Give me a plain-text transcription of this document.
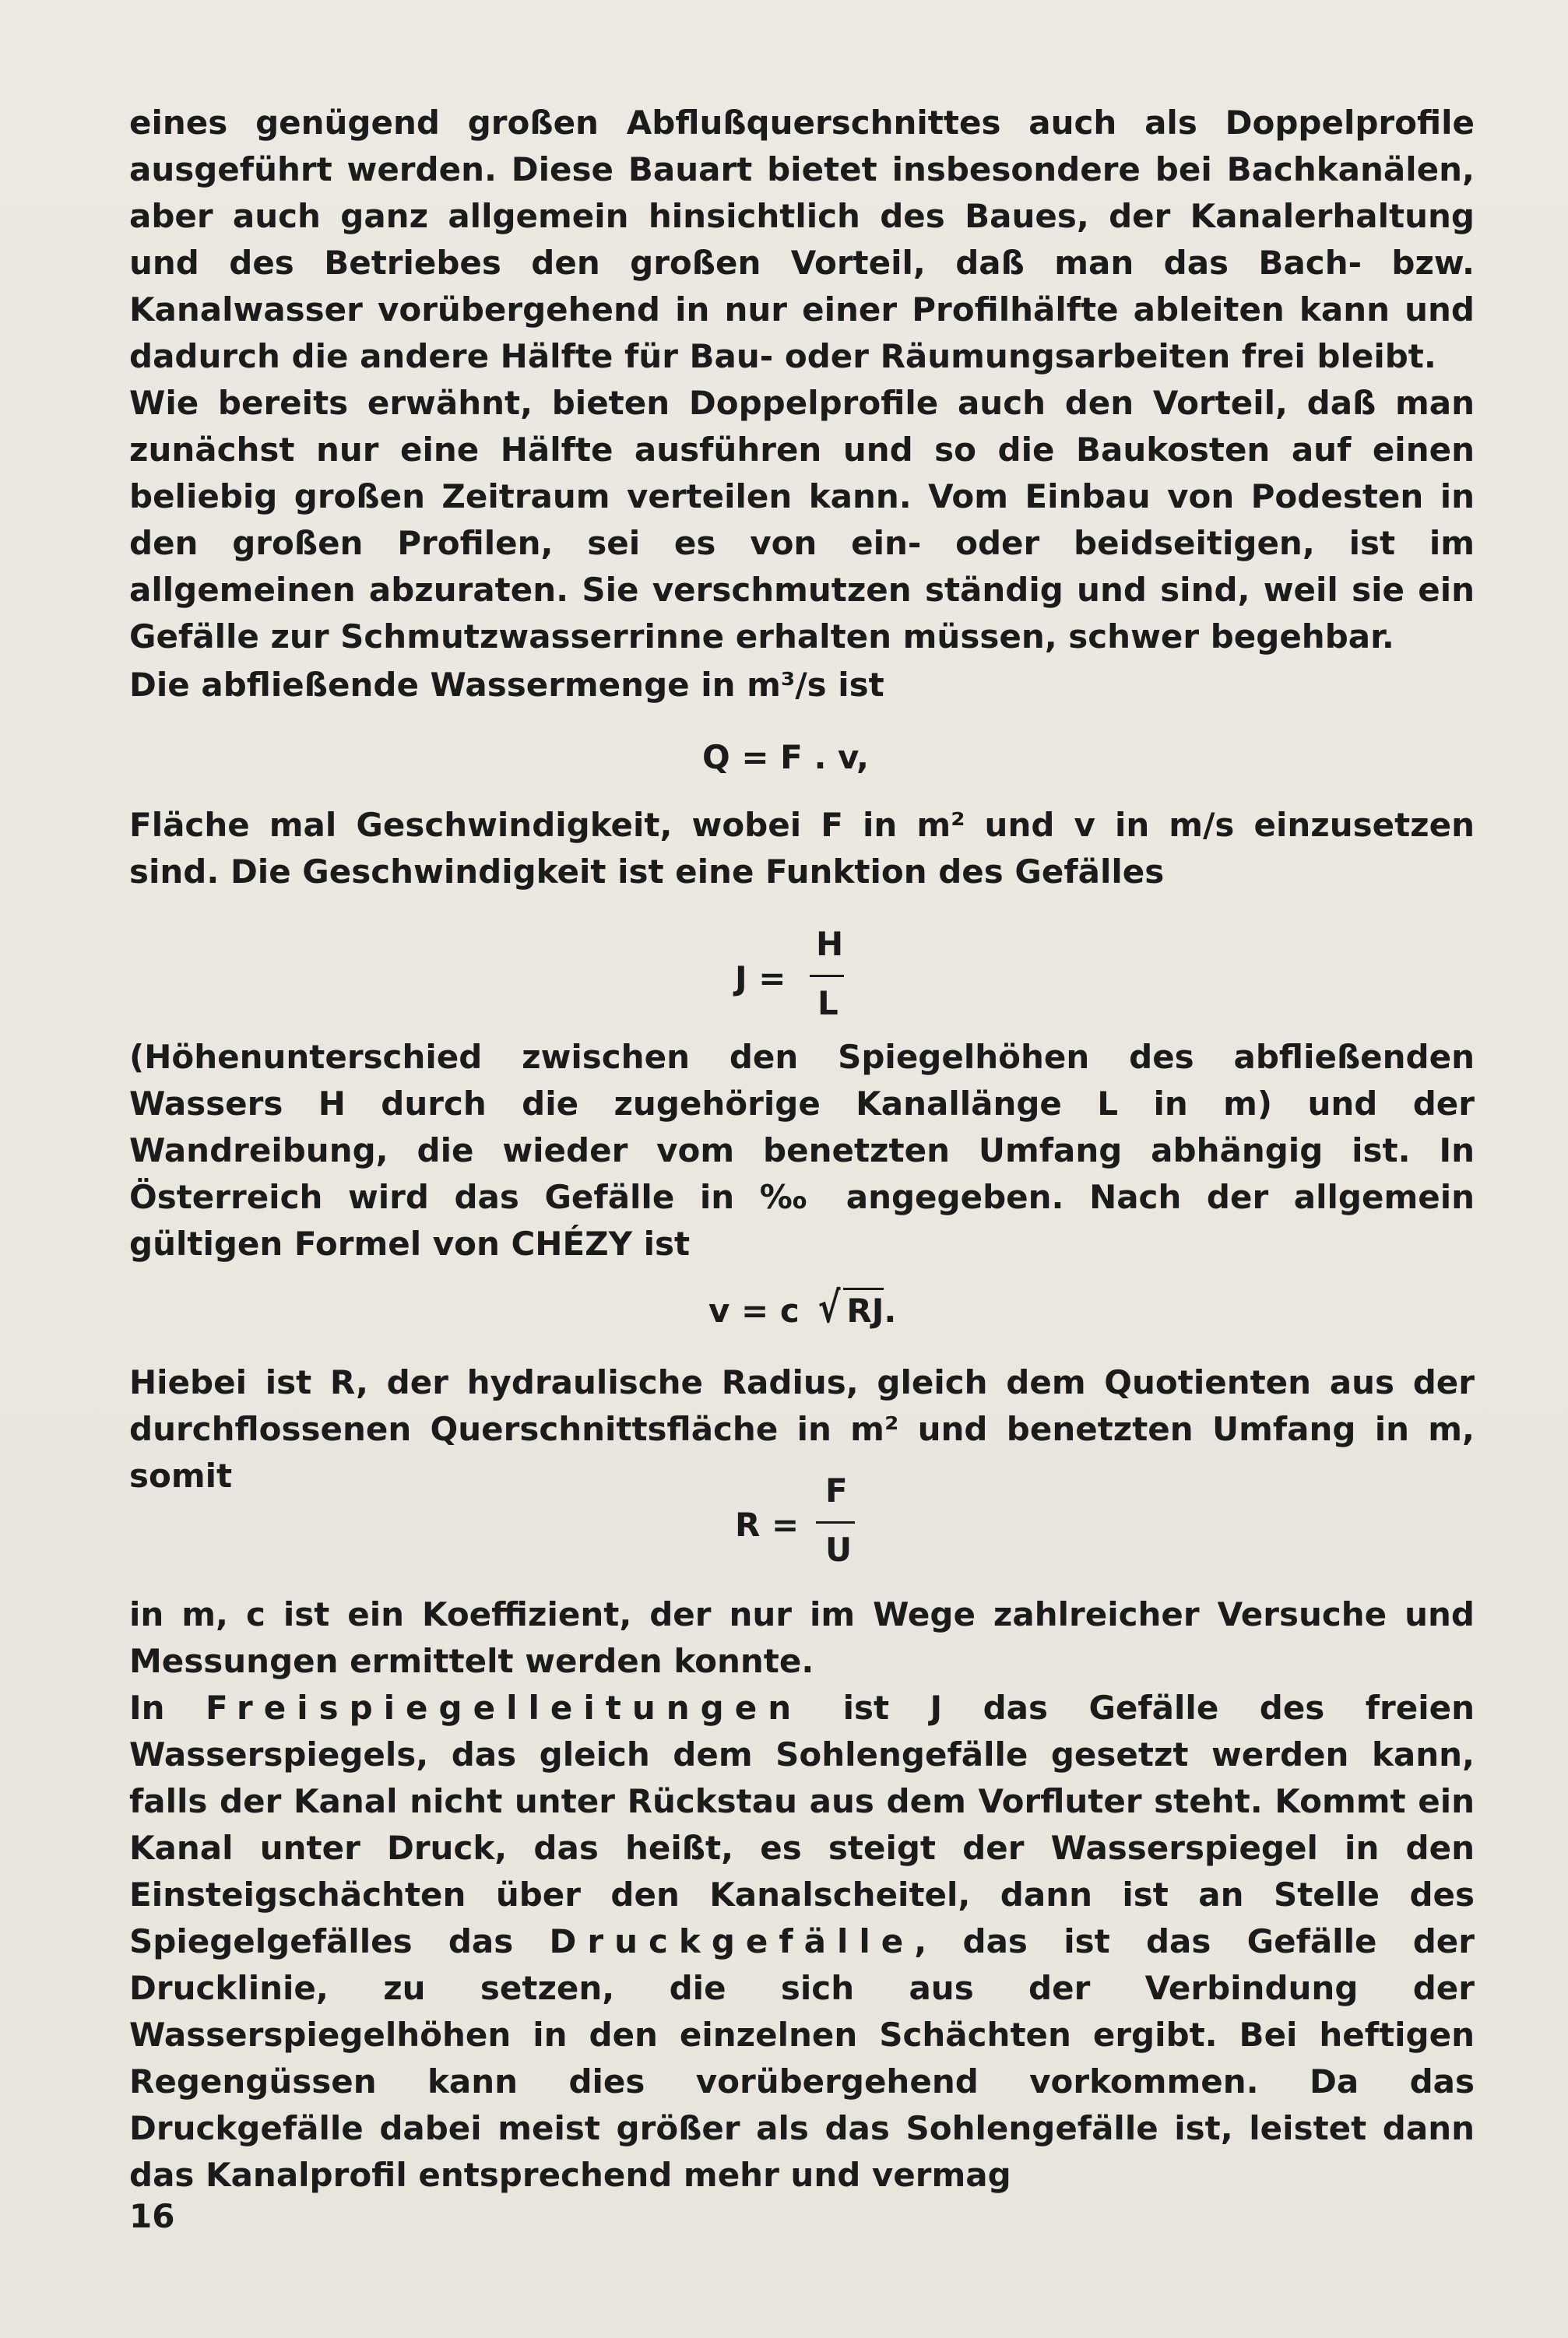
eines genügend großen Abflußquerschnittes auch als Doppelprofile ausgeführt werden. Diese Bauart bietet insbesondere bei Bachkanälen, aber auch ganz allgemein hinsichtlich des Baues, der Kanalerhaltung und des Betriebes den großen Vorteil, daß man das Bach- bzw. Kanalwasser vorübergehend in nur einer Profilhälfte ableiten kann und dadurch die andere Hälfte für Bau- oder Räumungsarbeiten frei bleibt.

Wie bereits erwähnt, bieten Doppelprofile auch den Vorteil, daß man zunächst nur eine Hälfte ausführen und so die Baukosten auf einen beliebig großen Zeitraum verteilen kann. Vom Einbau von Podesten in den großen Profilen, sei es von ein- oder beidseitigen, ist im allgemeinen abzuraten. Sie verschmutzen ständig und sind, weil sie ein Gefälle zur Schmutzwasserrinne erhalten müssen, schwer begehbar.

Die abfließende Wassermenge in m³/s ist

Q = F . v,

Fläche mal Geschwindigkeit, wobei F in m² und v in m/s einzusetzen sind. Die Geschwindigkeit ist eine Funktion des Gefälles

J =
H
L

(Höhenunterschied zwischen den Spiegelhöhen des abfließenden Wassers H durch die zugehörige Kanallänge L in m) und der Wandreibung, die wieder vom benetzten Umfang abhängig ist. In Österreich wird das Gefälle in ‰ angegeben. Nach der allgemein gültigen Formel von CHÉZY ist

v = c √ RJ.

Hiebei ist R, der hydraulische Radius, gleich dem Quotienten aus der durchflossenen Querschnittsfläche in m² und benetzten Umfang in m, somit

R =
F
U

in m, c ist ein Koeffizient, der nur im Wege zahlreicher Versuche und Messungen ermittelt werden konnte.

In Freispiegelleitungen ist J das Gefälle des freien Wasserspiegels, das gleich dem Sohlengefälle gesetzt werden kann, falls der Kanal nicht unter Rückstau aus dem Vorfluter steht. Kommt ein Kanal unter Druck, das heißt, es steigt der Wasserspiegel in den Einsteigschächten über den Kanalscheitel, dann ist an Stelle des Spiegelgefälles das Druckgefälle, das ist das Gefälle der Drucklinie, zu setzen, die sich aus der Verbindung der Wasserspiegelhöhen in den einzelnen Schächten ergibt. Bei heftigen Regengüssen kann dies vorübergehend vorkommen. Da das Druckgefälle dabei meist größer als das Sohlengefälle ist, leistet dann das Kanalprofil entsprechend mehr und vermag

16
